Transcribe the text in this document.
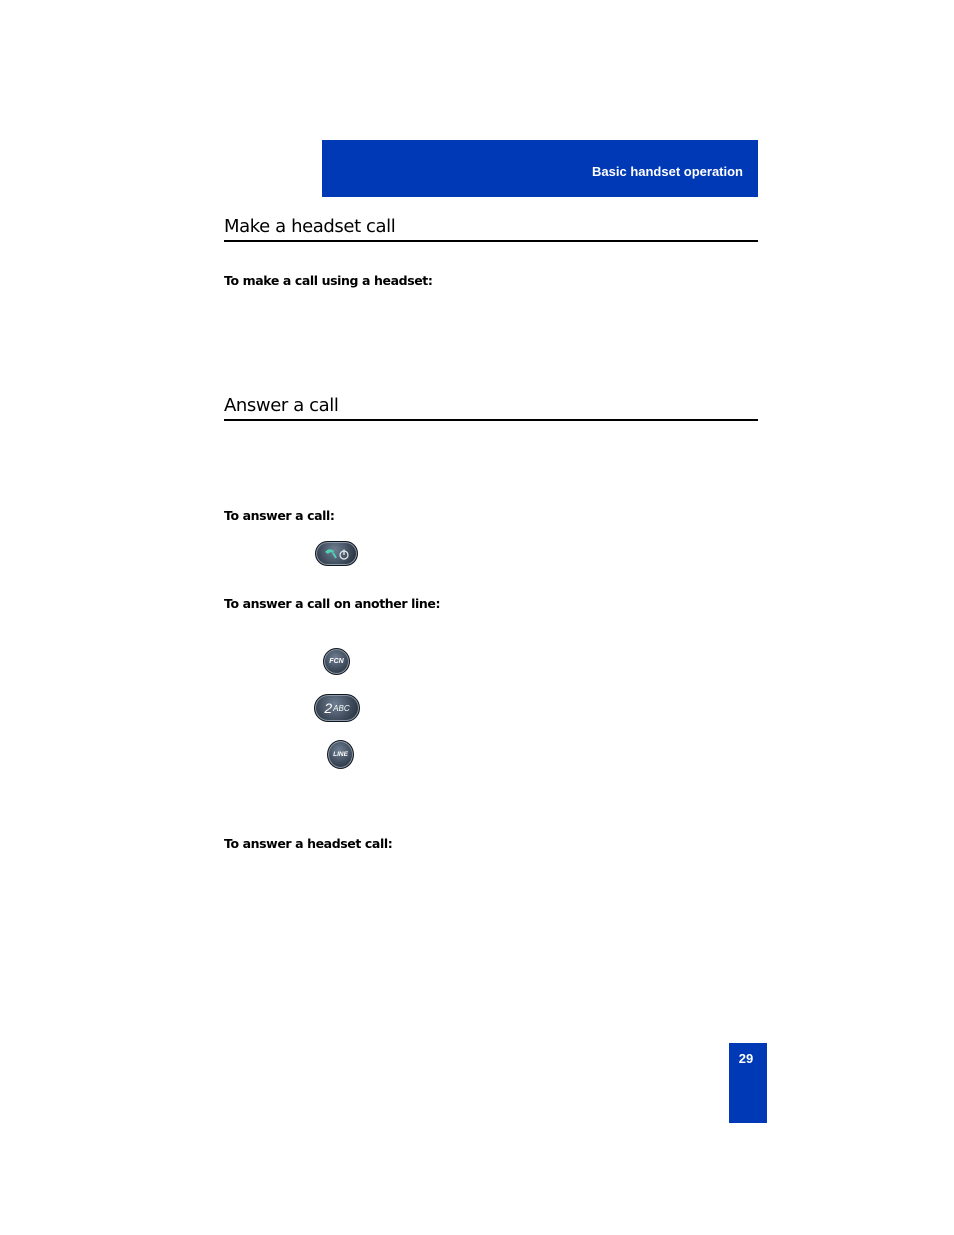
Basic handset operation
Make a headset call
To make a call using a headset:
Answer a call
To answer a call:
To answer a call on another line:
FCN
2 ABC
LINE
To answer a headset call:
29
